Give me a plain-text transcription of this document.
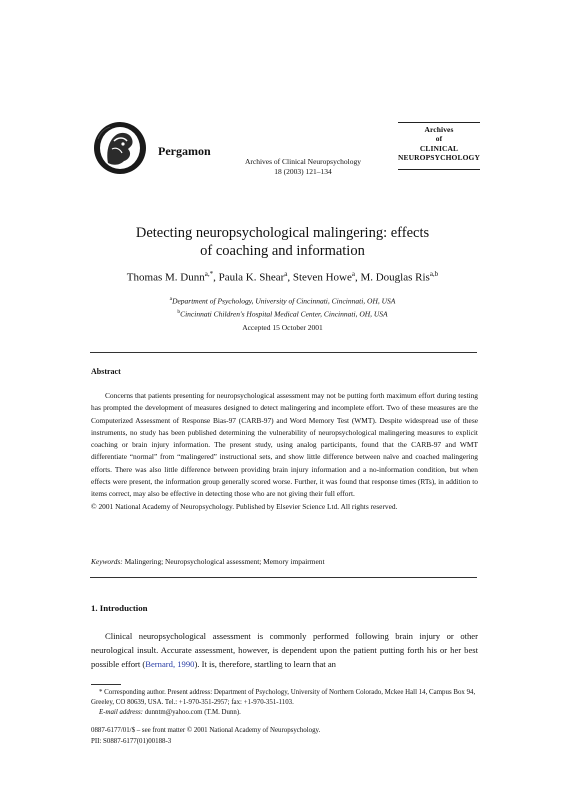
Pergamon
Archives of Clinical Neuropsychology
18 (2003) 121–134
Archives
of
CLINICAL
NEUROPSYCHOLOGY
Detecting neuropsychological malingering: effects
of coaching and information
Thomas M. Dunn$^{a,*}$, Paula K. Shear$^a$, Steven Howe$^a$, M. Douglas Ris$^{a,b}$
$^a$Department of Psychology, University of Cincinnati, Cincinnati, OH, USA
$^b$Cincinnati Children's Hospital Medical Center, Cincinnati, OH, USA
Accepted 15 October 2001
Abstract

Concerns that patients presenting for neuropsychological assessment may not be putting forth maximum effort during testing has prompted the development of measures designed to detect malingering and incomplete effort. Two of these measures are the Computerized Assessment of Response Bias-97 (CARB-97) and Word Memory Test (WMT). Despite widespread use of these instruments, no study has been published determining the vulnerability of neuropsychological malingering measures to explicit coaching or brain injury information. The present study, using analog participants, found that the CARB-97 and WMT differentiate “normal” from “malingered” instructional sets, and show little difference between naïve and coached malingering efforts. There was also little difference between providing brain injury information and a no-information condition, but when effects were present, the information group generally scored worse. Further, it was found that response times (RTs), in addition to items correct, may also be effective in detecting those who are not giving their full effort.

© 2001 National Academy of Neuropsychology. Published by Elsevier Science Ltd. All rights reserved.

Keywords: Malingering; Neuropsychological assessment; Memory impairment
1. Introduction

Clinical neuropsychological assessment is commonly performed following brain injury or other neurological insult. Accurate assessment, however, is dependent upon the patient putting forth his or her best possible effort (Bernard, 1990). It is, therefore, startling to learn that an

* Corresponding author. Present address: Department of Psychology, University of Northern Colorado, Mckee Hall 14, Campus Box 94, Greeley, CO 80639, USA. Tel.: +1-970-351-2957; fax: +1-970-351-1103.

E-mail address: dunntm@yahoo.com (T.M. Dunn).

0887-6177/01/$ – see front matter © 2001 National Academy of Neuropsychology.
PII: S0887-6177(01)00188-3
